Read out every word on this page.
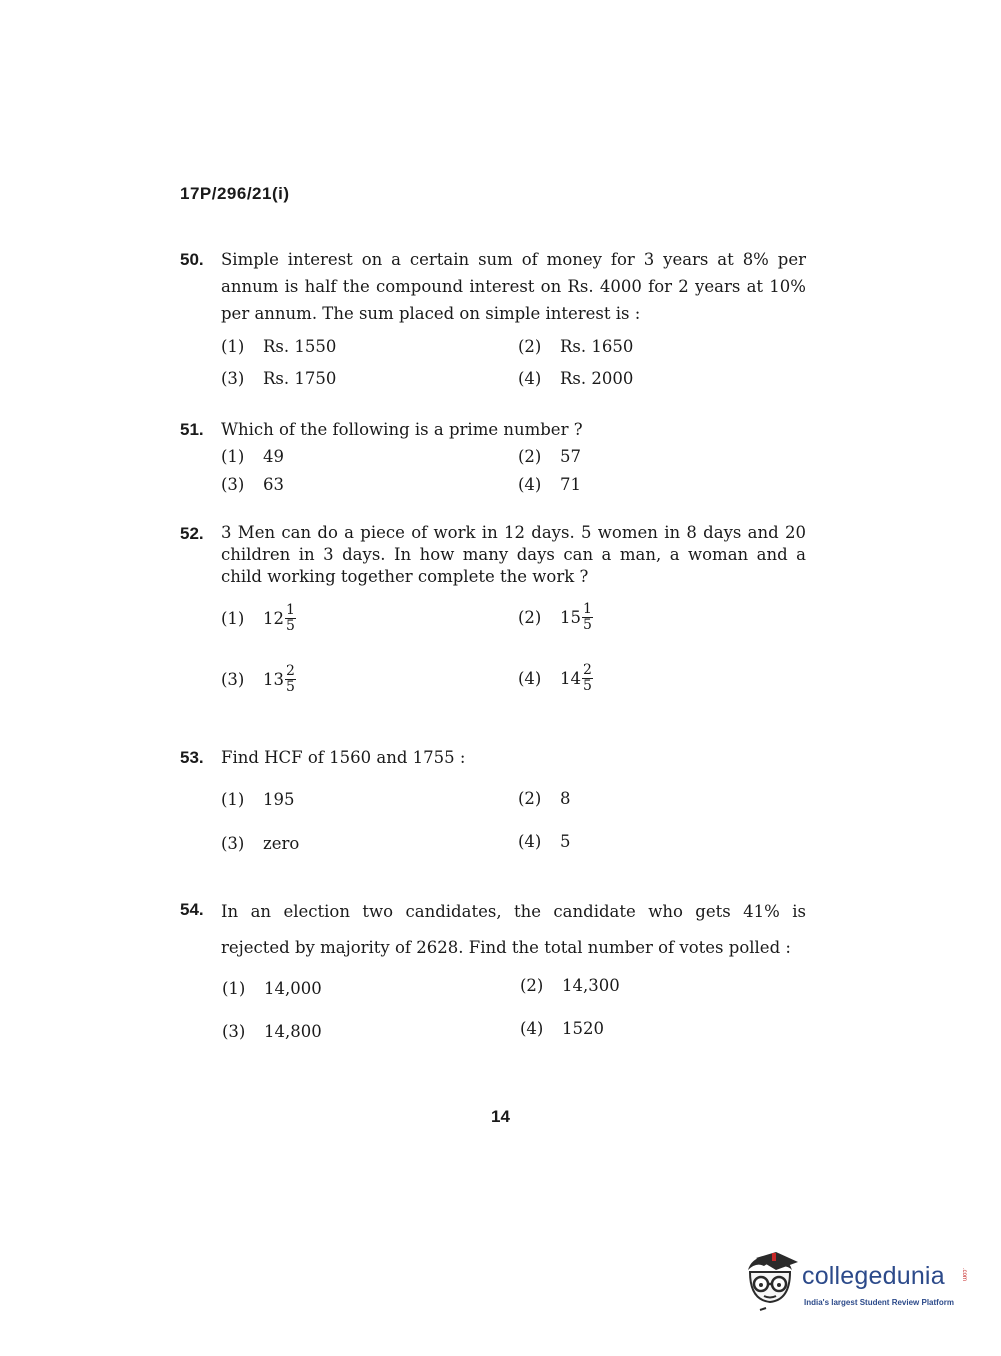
17P/296/21(i)
50. Simple interest on a certain sum of money for 3 years at 8% per annum is half the compound interest on Rs. 4000 for 2 years at 10% per annum. The sum placed on simple interest is :
(1) Rs. 1550	(2) Rs. 1650
(3) Rs. 1750	(4) Rs. 2000
51. Which of the following is a prime number ?
(1) 49	(2) 57
(3) 63	(4) 71
52. 3 Men can do a piece of work in 12 days. 5 women in 8 days and 20 children in 3 days. In how many days can a man, a woman and a child working together complete the work ?
(1) $12 \frac{1}{5}$	(2) $15 \frac{1}{5}$
(3) $13 \frac{2}{5}$	(4) $14 \frac{2}{5}$
53. Find HCF of 1560 and 1755 :
(1) 195	(2) 8
(3) zero	(4) 5
54. In an election two candidates, the candidate who gets 41% is rejected by majority of 2628. Find the total number of votes polled :
(1) 14,000	(2) 14,300
(3) 14,800	(4) 1520
14
collegedunia	.com
India's largest Student Review Platform
